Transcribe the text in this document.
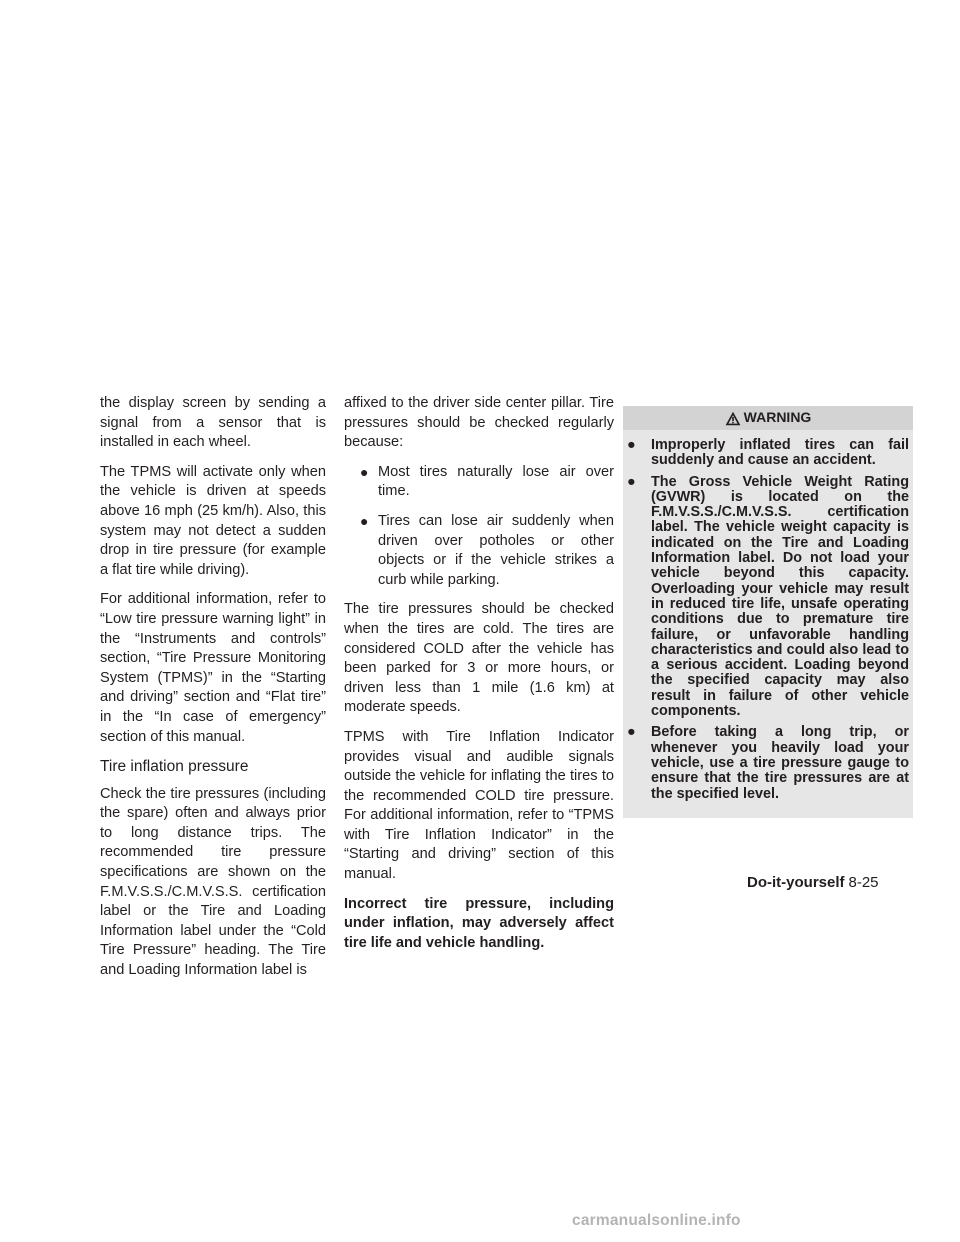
the display screen by sending a signal from a sensor that is installed in each wheel.

The TPMS will activate only when the vehicle is driven at speeds above 16 mph (25 km/h). Also, this system may not detect a sudden drop in tire pressure (for example a flat tire while driving).

For additional information, refer to “Low tire pressure warning light” in the “Instruments and controls” section, “Tire Pressure Monitoring System (TPMS)” in the “Starting and driving” section and “Flat tire” in the “In case of emergency” section of this manual.

Tire inflation pressure

Check the tire pressures (including the spare) often and always prior to long distance trips. The recommended tire pressure specifications are shown on the F.M.V.S.S./C.M.V.S.S. certification label or the Tire and Loading Information label under the “Cold Tire Pressure” heading. The Tire and Loading Information label is

affixed to the driver side center pillar. Tire pressures should be checked regularly because:

● Most tires naturally lose air over time.
● Tires can lose air suddenly when driven over potholes or other objects or if the vehicle strikes a curb while parking.

The tire pressures should be checked when the tires are cold. The tires are considered COLD after the vehicle has been parked for 3 or more hours, or driven less than 1 mile (1.6 km) at moderate speeds.

TPMS with Tire Inflation Indicator provides visual and audible signals outside the vehicle for inflating the tires to the recommended COLD tire pressure. For additional information, refer to “TPMS with Tire Inflation Indicator” in the “Starting and driving” section of this manual.

Incorrect tire pressure, including under inflation, may adversely affect tire life and vehicle handling.

WARNING
● Improperly inflated tires can fail suddenly and cause an accident.
● The Gross Vehicle Weight Rating (GVWR) is located on the F.M.V.S.S./C.M.V.S.S. certification label. The vehicle weight capacity is indicated on the Tire and Loading Information label. Do not load your vehicle beyond this capacity. Overloading your vehicle may result in reduced tire life, unsafe operating conditions due to premature tire failure, or unfavorable handling characteristics and could also lead to a serious accident. Loading beyond the specified capacity may also result in failure of other vehicle components.
● Before taking a long trip, or whenever you heavily load your vehicle, use a tire pressure gauge to ensure that the tire pressures are at the specified level.
Do-it-yourself 8-25
carmanualsonline.info
